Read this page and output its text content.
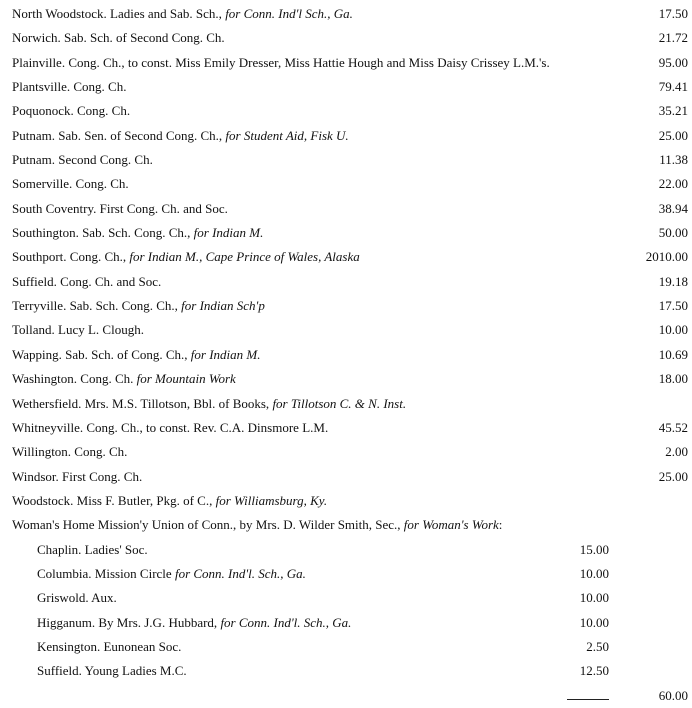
North Woodstock. Ladies and Sab. Sch., for Conn. Ind'l Sch., Ga.	17.50
Norwich. Sab. Sch. of Second Cong. Ch.	21.72
Plainville. Cong. Ch., to const. Miss Emily Dresser, Miss Hattie Hough and Miss Daisy Crissey L.M.'s.	95.00
Plantsville. Cong. Ch.	79.41
Poquonock. Cong. Ch.	35.21
Putnam. Sab. Sen. of Second Cong. Ch., for Student Aid, Fisk U.	25.00
Putnam. Second Cong. Ch.	11.38
Somerville. Cong. Ch.	22.00
South Coventry. First Cong. Ch. and Soc.	38.94
Southington. Sab. Sch. Cong. Ch., for Indian M.	50.00
Southport. Cong. Ch., for Indian M., Cape Prince of Wales, Alaska	2010.00
Suffield. Cong. Ch. and Soc.	19.18
Terryville. Sab. Sch. Cong. Ch., for Indian Sch'p	17.50
Tolland. Lucy L. Clough.	10.00
Wapping. Sab. Sch. of Cong. Ch., for Indian M.	10.69
Washington. Cong. Ch. for Mountain Work	18.00
Wethersfield. Mrs. M.S. Tillotson, Bbl. of Books, for Tillotson C. & N. Inst.
Whitneyville. Cong. Ch., to const. Rev. C.A. Dinsmore L.M.	45.52
Willington. Cong. Ch.	2.00
Windsor. First Cong. Ch.	25.00
Woodstock. Miss F. Butler, Pkg. of C., for Williamsburg, Ky.
Woman's Home Mission'y Union of Conn., by Mrs. D. Wilder Smith, Sec., for Woman's Work:
Chaplin. Ladies' Soc.	15.00
Columbia. Mission Circle for Conn. Ind'l. Sch., Ga.	10.00
Griswold. Aux.	10.00
Higganum. By Mrs. J.G. Hubbard, for Conn. Ind'l. Sch., Ga.	10.00
Kensington. Eunonean Soc.	2.50
Suffield. Young Ladies M.C.	12.50
60.00
